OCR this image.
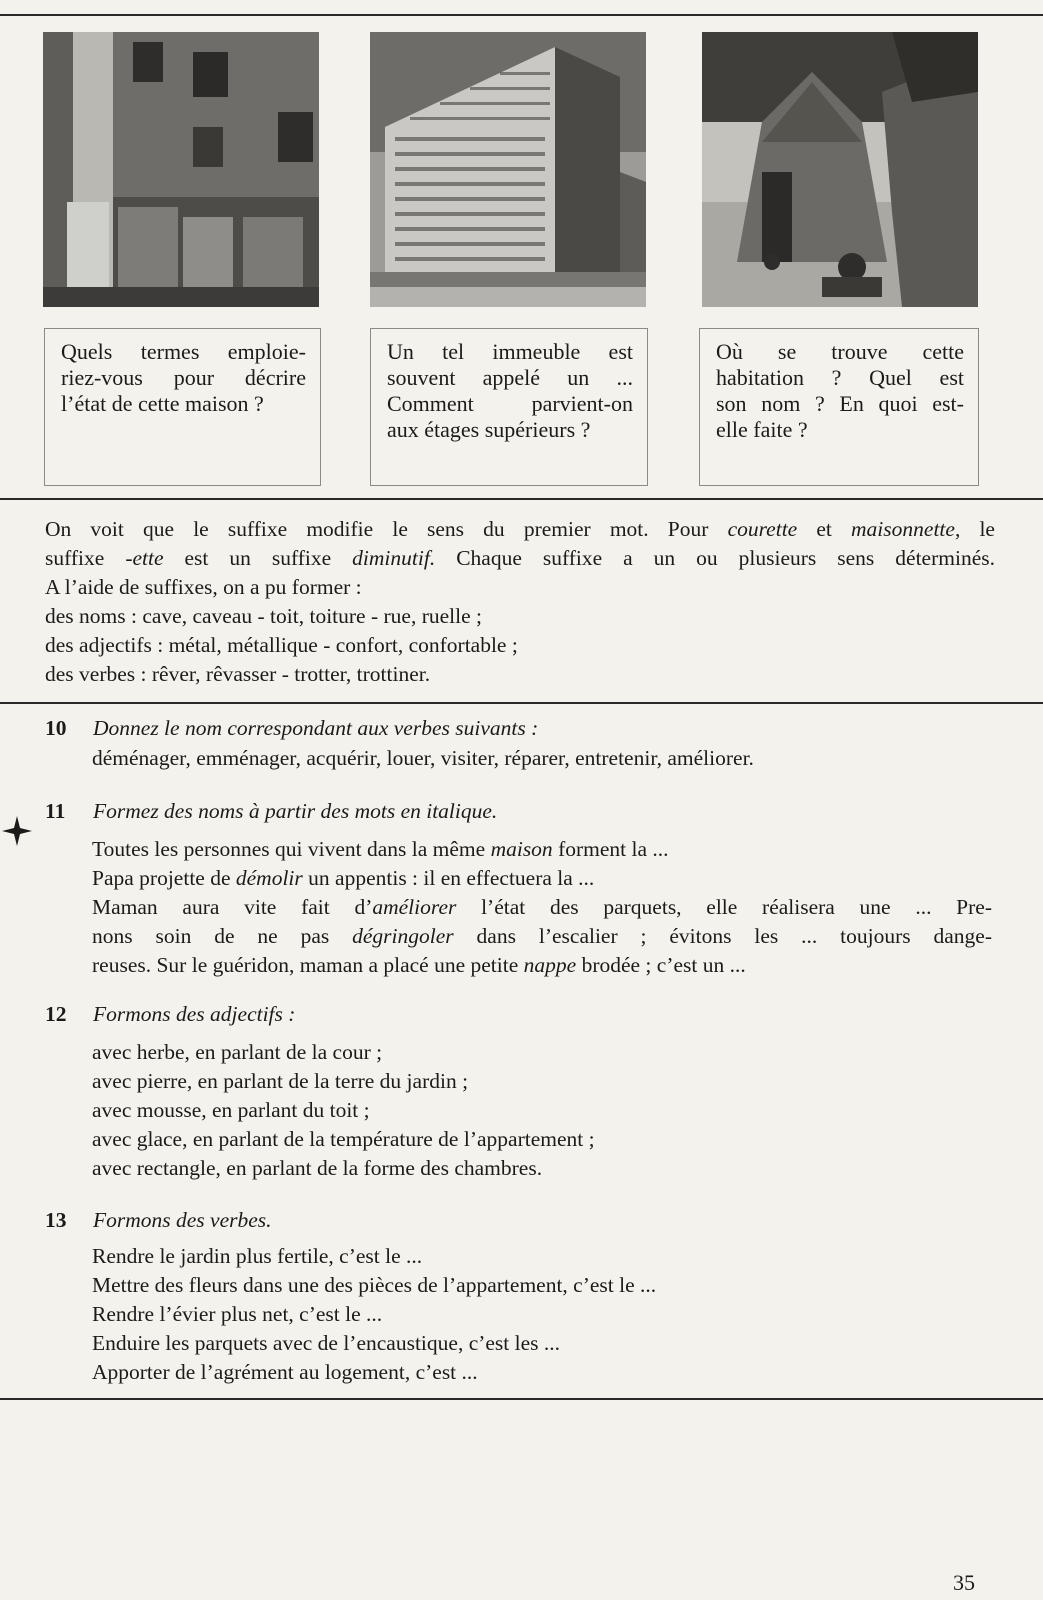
Quels termes emploie-
riez-vous pour décrire
l’état de cette maison ?
Un tel immeuble est
souvent appelé un ...
Comment parvient-on
aux étages supérieurs ?
Où se trouve cette
habitation ? Quel est
son nom ? En quoi est-
elle faite ?
On voit que le suffixe modifie le sens du premier mot. Pour courette et maisonnette, le
suffixe -ette est un suffixe diminutif. Chaque suffixe a un ou plusieurs sens déterminés.
A l’aide de suffixes, on a pu former :
des noms : cave, caveau - toit, toiture - rue, ruelle ;
des adjectifs : métal, métallique - confort, confortable ;
des verbes : rêver, rêvasser - trotter, trottiner.
10	Donnez le nom correspondant aux verbes suivants :
déménager, emménager, acquérir, louer, visiter, réparer, entretenir, améliorer.
11	Formez des noms à partir des mots en italique.
Toutes les personnes qui vivent dans la même maison forment la ...
Papa projette de démolir un appentis : il en effectuera la ...
Maman aura vite fait d’améliorer l’état des parquets, elle réalisera une ... Pre-
nons soin de ne pas dégringoler dans l’escalier ; évitons les ... toujours dange-
reuses. Sur le guéridon, maman a placé une petite nappe brodée ; c’est un ...
12	Formons des adjectifs :
avec herbe, en parlant de la cour ;
avec pierre, en parlant de la terre du jardin ;
avec mousse, en parlant du toit ;
avec glace, en parlant de la température de l’appartement ;
avec rectangle, en parlant de la forme des chambres.
13	Formons des verbes.
Rendre le jardin plus fertile, c’est le ...
Mettre des fleurs dans une des pièces de l’appartement, c’est le ...
Rendre l’évier plus net, c’est le ...
Enduire les parquets avec de l’encaustique, c’est les ...
Apporter de l’agrément au logement, c’est ...
35
